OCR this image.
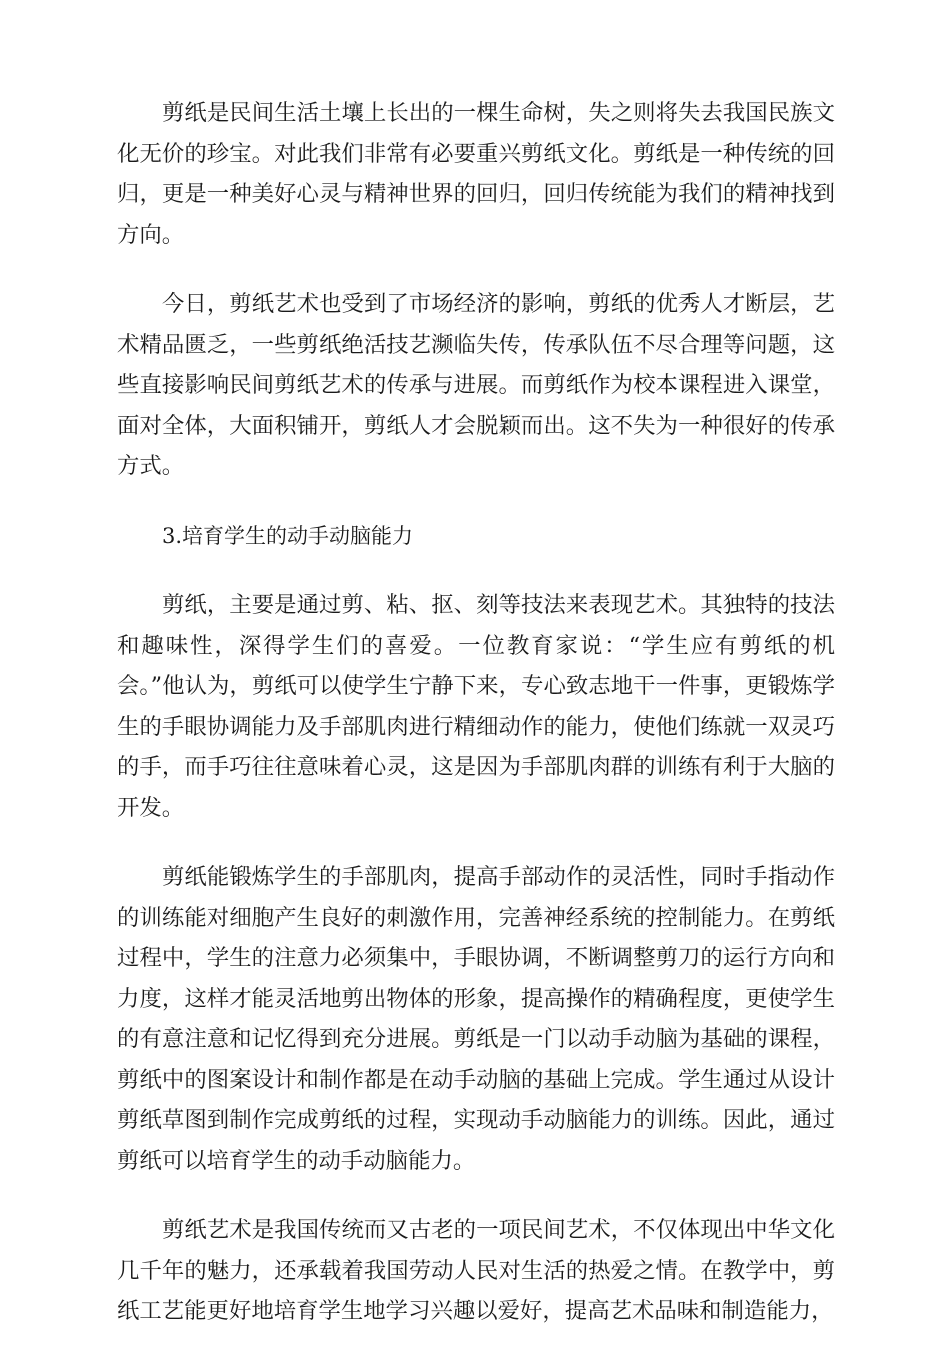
剪纸是民间生活土壤上长出的一棵生命树，失之则将失去我国民族文化无价的珍宝。对此我们非常有必要重兴剪纸文化。剪纸是一种传统的回归，更是一种美好心灵与精神世界的回归，回归传统能为我们的精神找到方向。

今日，剪纸艺术也受到了市场经济的影响，剪纸的优秀人才断层，艺术精品匮乏，一些剪纸绝活技艺濒临失传，传承队伍不尽合理等问题，这些直接影响民间剪纸艺术的传承与进展。而剪纸作为校本课程进入课堂，面对全体，大面积铺开，剪纸人才会脱颖而出。这不失为一种很好的传承方式。

3.培育学生的动手动脑能力

剪纸，主要是通过剪、粘、抠、刻等技法来表现艺术。其独特的技法和趣味性，深得学生们的喜爱。一位教育家说：“学生应有剪纸的机会。”他认为，剪纸可以使学生宁静下来，专心致志地干一件事，更锻炼学生的手眼协调能力及手部肌肉进行精细动作的能力，使他们练就一双灵巧的手，而手巧往往意味着心灵，这是因为手部肌肉群的训练有利于大脑的开发。

剪纸能锻炼学生的手部肌肉，提高手部动作的灵活性，同时手指动作的训练能对细胞产生良好的刺激作用，完善神经系统的控制能力。在剪纸过程中，学生的注意力必须集中，手眼协调，不断调整剪刀的运行方向和力度，这样才能灵活地剪出物体的形象，提高操作的精确程度，更使学生的有意注意和记忆得到充分进展。剪纸是一门以动手动脑为基础的课程，剪纸中的图案设计和制作都是在动手动脑的基础上完成。学生通过从设计剪纸草图到制作完成剪纸的过程，实现动手动脑能力的训练。因此，通过剪纸可以培育学生的动手动脑能力。

剪纸艺术是我国传统而又古老的一项民间艺术，不仅体现出中华文化几千年的魅力，还承载着我国劳动人民对生活的热爱之情。在教学中，剪纸工艺能更好地培育学生地学习兴趣以爱好，提高艺术品味和制造能力，
